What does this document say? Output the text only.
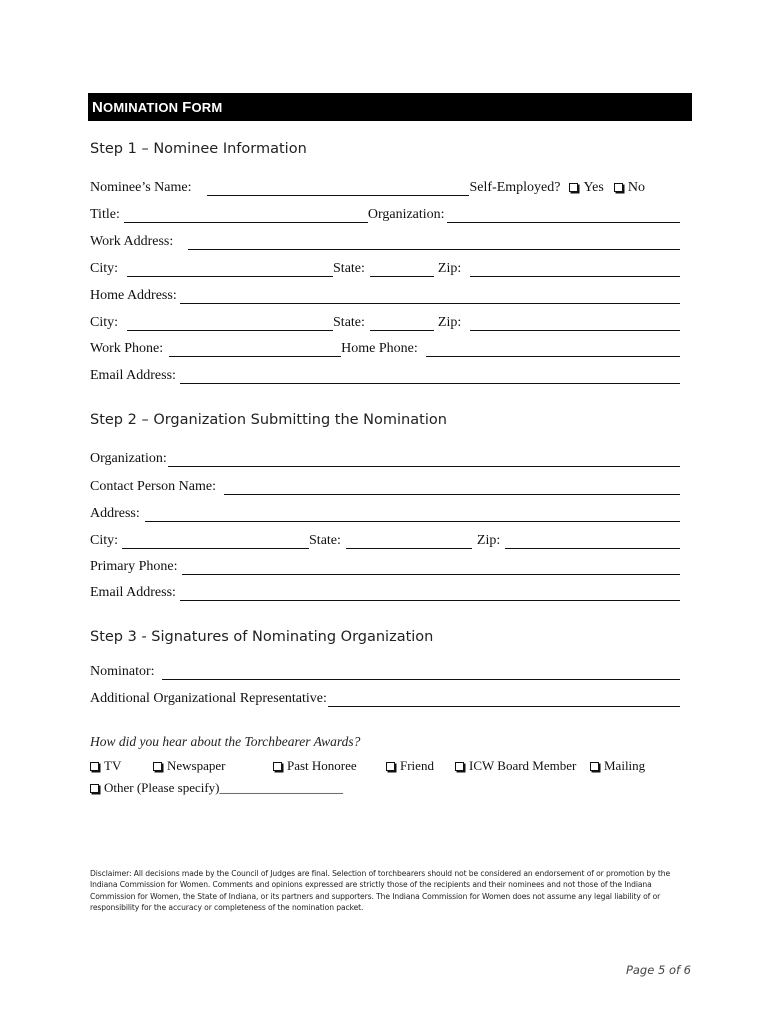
NOMINATION FORM
Step 1 – Nominee Information
Nominee’s Name:	Self-Employed?	Yes	No
Title:	Organization:
Work Address:
City:	State:	Zip:
Home Address:
City:	State:	Zip:
Work Phone:	Home Phone:
Email Address:
Step 2 – Organization Submitting the Nomination
Organization:
Contact Person Name:
Address:
City:	State:	Zip:
Primary Phone:
Email Address:
Step 3 - Signatures of Nominating Organization
Nominator:
Additional Organizational Representative:
How did you hear about the Torchbearer Awards?
TV	Newspaper	Past Honoree	Friend	ICW Board Member	Mailing
Other (Please specify)___________________
Disclaimer: All decisions made by the Council of Judges are final. Selection of torchbearers should not be considered an endorsement of or promotion by the Indiana Commission for Women. Comments and opinions expressed are strictly those of the recipients and their nominees and not those of the Indiana Commission for Women, the State of Indiana, or its partners and supporters. The Indiana Commission for Women does not assume any legal liability of or responsibility for the accuracy or completeness of the nomination packet.
Page 5 of 6
